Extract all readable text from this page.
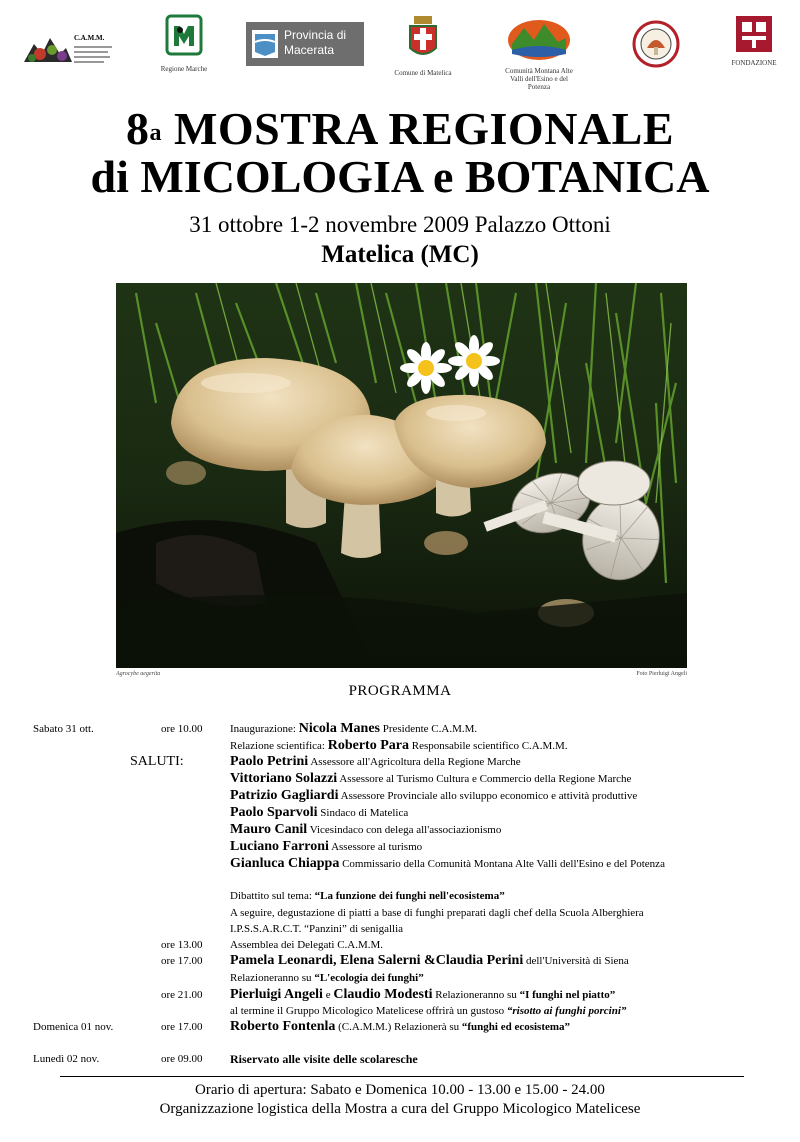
C.A.M.M.
Regione Marche
Provincia di Macerata
Comune di Matelica	Comunità Montana Alte Valli dell'Esino e del Potenza
FONDAZIONE
8$^a$ MOSTRA REGIONALE
di MICOLOGIA e BOTANICA
31 ottobre 1-2 novembre 2009 Palazzo Ottoni
Matelica (MC)
Agrocybe aegerita	Foto Pierluigi Angeli
PROGRAMMA
Sabato 31 ott.	ore 10.00 Inaugurazione: Nicola Manes Presidente C.A.M.M.
Relazione scientifica: Roberto Para Responsabile scientifico C.A.M.M.
SALUTI:	Paolo Petrini Assessore all'Agricoltura della Regione Marche
Vittoriano Solazzi Assessore al Turismo Cultura e Commercio della Regione Marche
Patrizio Gagliardi Assessore Provinciale allo sviluppo economico e attività produttive
Paolo Sparvoli Sindaco di Matelica
Mauro Canil Vicesindaco con delega all'associazionismo
Luciano Farroni Assessore al turismo
Gianluca Chiappa Commissario della Comunità Montana Alte Valli dell'Esino e del Potenza
Dibattito sul tema: “La funzione dei funghi nell'ecosistema”
A seguire, degustazione di piatti a base di funghi preparati dagli chef della Scuola Alberghiera
I.P.S.S.A.R.C.T. “Panzini” di senigallia
ore 13.00 Assemblea dei Delegati C.A.M.M.
ore 17.00 Pamela Leonardi, Elena Salerni &Claudia Perini dell'Università di Siena
Relazioneranno su “L'ecologia dei funghi”
ore 21.00 Pierluigi Angeli e Claudio Modesti Relazioneranno su “I funghi nel piatto”
al termine il Gruppo Micologico Matelicese offrirà un gustoso “risotto ai funghi porcini”
Domenica 01 nov.	ore 17.00 Roberto Fontenla (C.A.M.M.) Relazionerà su “funghi ed ecosistema”
Lunedì 02 nov.	ore 09.00 Riservato alle visite delle scolaresche
Orario di apertura: Sabato e Domenica 10.00 - 13.00 e 15.00 - 24.00
Organizzazione logistica della Mostra a cura del Gruppo Micologico Matelicese
